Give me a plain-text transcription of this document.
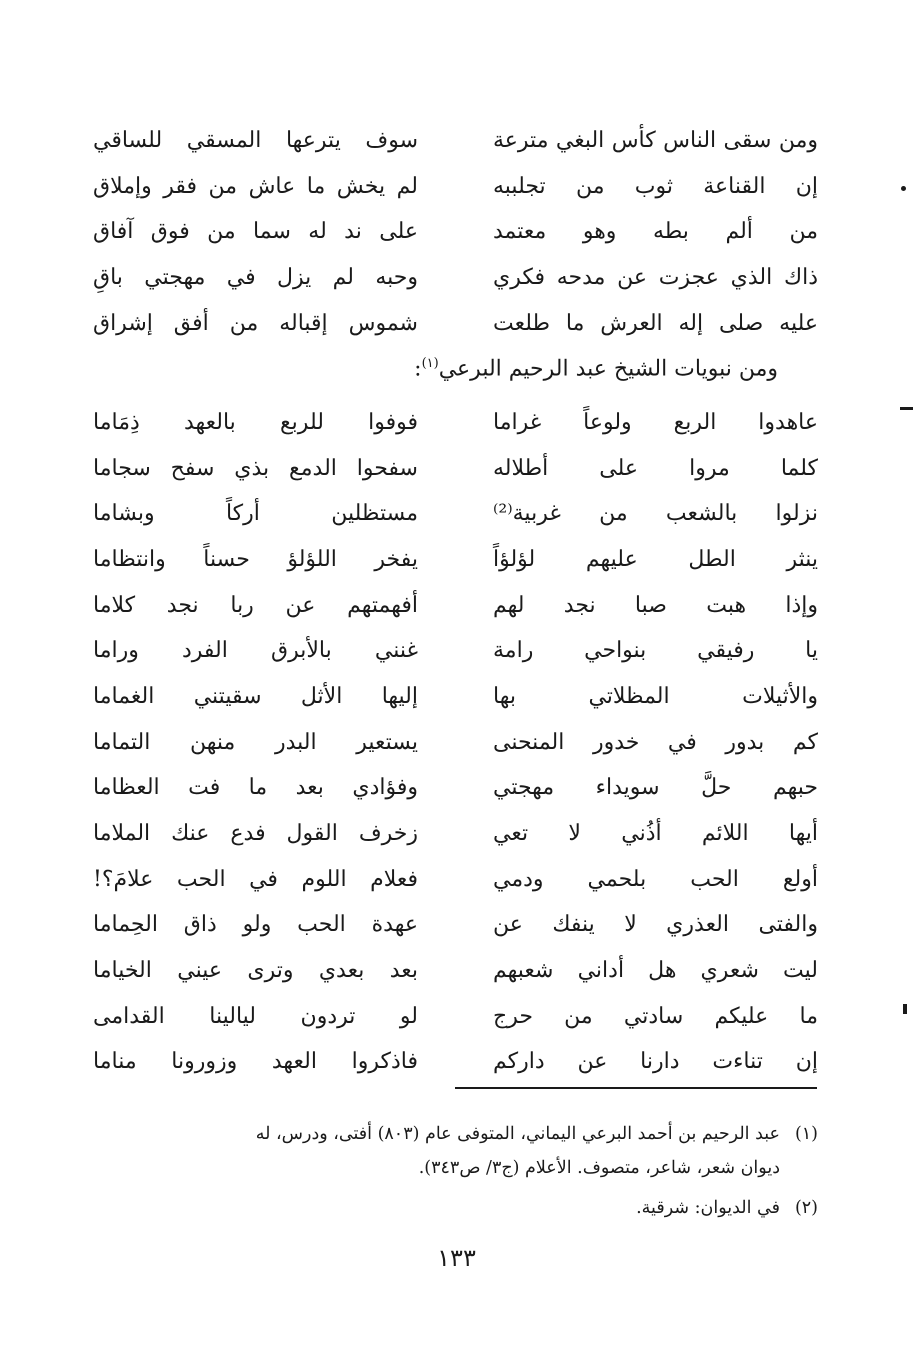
ومن سقى الناس كأس البغي مترعة
سوف يترعها المسقي للساقي
إن القناعة ثوب من تجلببه
لم يخش ما عاش من فقر وإملاق
من ألم بطه وهو معتمد
على ند له سما من فوق آفاق
ذاك الذي عجزت عن مدحه فكري
وحبه لم يزل في مهجتي باقِ
عليه صلى إله العرش ما طلعت
شموس إقباله من أفق إشراق
ومن نبويات الشيخ عبد الرحيم البرعي$^{(١)}$:
عاهدوا الربع ولوعاً غراما
فوفوا للربع بالعهد ذِمَاما
كلما مروا على أطلاله
سفحوا الدمع بذي سفح سجاما
نزلوا بالشعب من غربية⁽²⁾
مستظلين أركاً وبشاما
ينثر الطل عليهم لؤلؤاً
يفخر اللؤلؤ حسناً وانتظاما
وإذا هبت صبا نجد لهم
أفهمتهم عن ربا نجد كلاما
يا رفيقي بنواحي رامة
غنني بالأبرق الفرد وراما
والأثيلات المظلاتي بها
إليها الأثل سقيتني الغماما
كم بدور في خدور المنحنى
يستعير البدر منهن التماما
حبهم حلَّ سويداء مهجتي
وفؤادي بعد ما فت العظاما
أيها اللائم أذُني لا تعي
زخرف القول فدع عنك الملاما
أولع الحب بلحمي ودمي
فعلام اللوم في الحب علامَ؟!
والفتى العذري لا ينفك عن
عهدة الحب ولو ذاق الحِماما
ليت شعري هل أداني شعبهم
بعد بعدي وترى عيني الخياما
ما عليكم سادتي من حرج
لو تردون ليالينا القدامى
إن تناءت دارنا عن داركم
فاذكروا العهد وزورونا مناما
(١)عبد الرحيم بن أحمد البرعي اليماني، المتوفى عام (٨٠٣) أفتى، ودرس، له
ديوان شعر، شاعر، متصوف. الأعلام (ج٣/ ص٣٤٣).
(٢)في الديوان: شرقية.
١٣٣
